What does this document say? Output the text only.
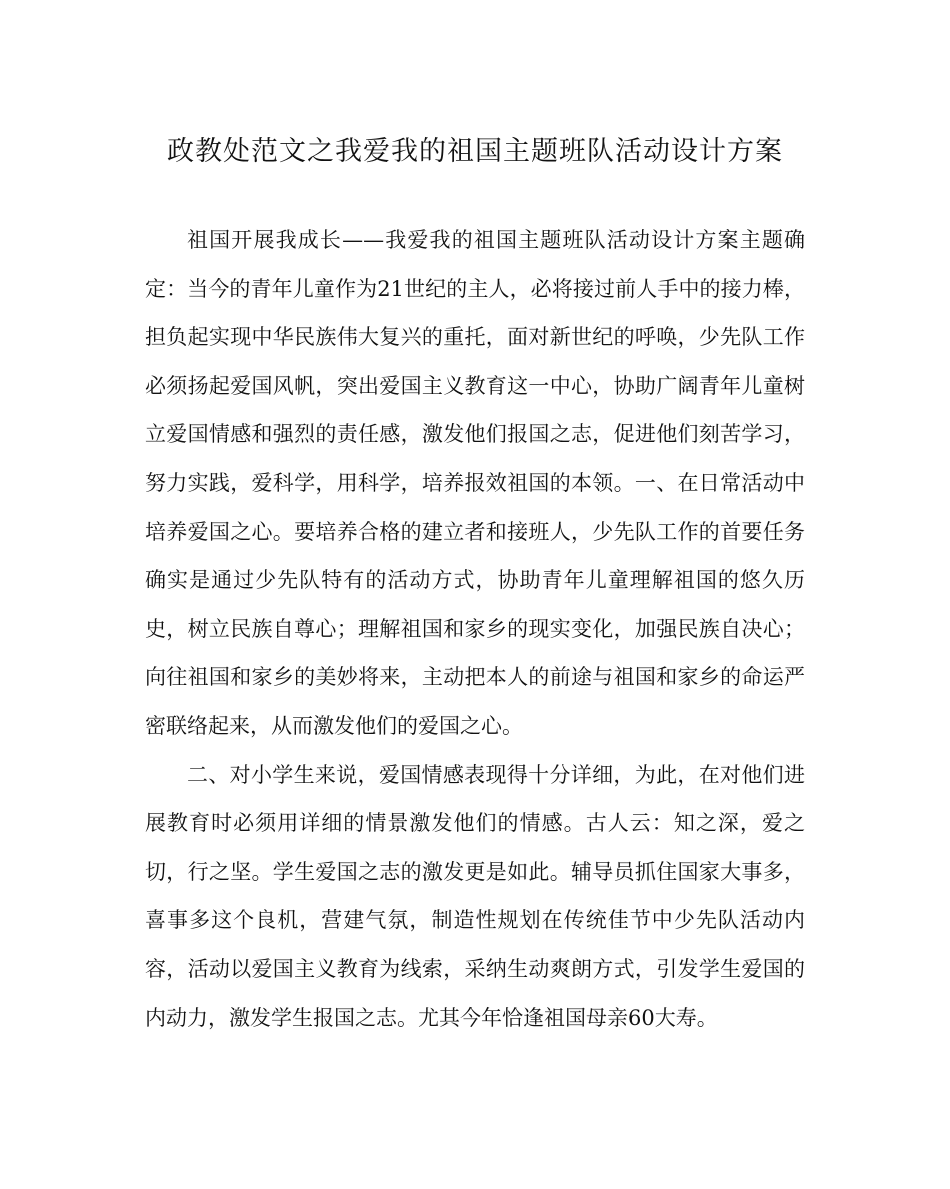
政教处范文之我爱我的祖国主题班队活动设计方案

祖国开展我成长——我爱我的祖国主题班队活动设计方案主题确定：当今的青年儿童作为21世纪的主人，必将接过前人手中的接力棒，担负起实现中华民族伟大复兴的重托，面对新世纪的呼唤，少先队工作必须扬起爱国风帆，突出爱国主义教育这一中心，协助广阔青年儿童树立爱国情感和强烈的责任感，激发他们报国之志，促进他们刻苦学习，努力实践，爱科学，用科学，培养报效祖国的本领。一、在日常活动中培养爱国之心。要培养合格的建立者和接班人，少先队工作的首要任务确实是通过少先队特有的活动方式，协助青年儿童理解祖国的悠久历史，树立民族自尊心；理解祖国和家乡的现实变化，加强民族自决心；向往祖国和家乡的美妙将来，主动把本人的前途与祖国和家乡的命运严密联络起来，从而激发他们的爱国之心。

二、对小学生来说，爱国情感表现得十分详细，为此，在对他们进展教育时必须用详细的情景激发他们的情感。古人云：知之深，爱之切，行之坚。学生爱国之志的激发更是如此。辅导员抓住国家大事多，喜事多这个良机，营建气氛，制造性规划在传统佳节中少先队活动内容，活动以爱国主义教育为线索，采纳生动爽朗方式，引发学生爱国的内动力，激发学生报国之志。尤其今年恰逢祖国母亲60大寿。
